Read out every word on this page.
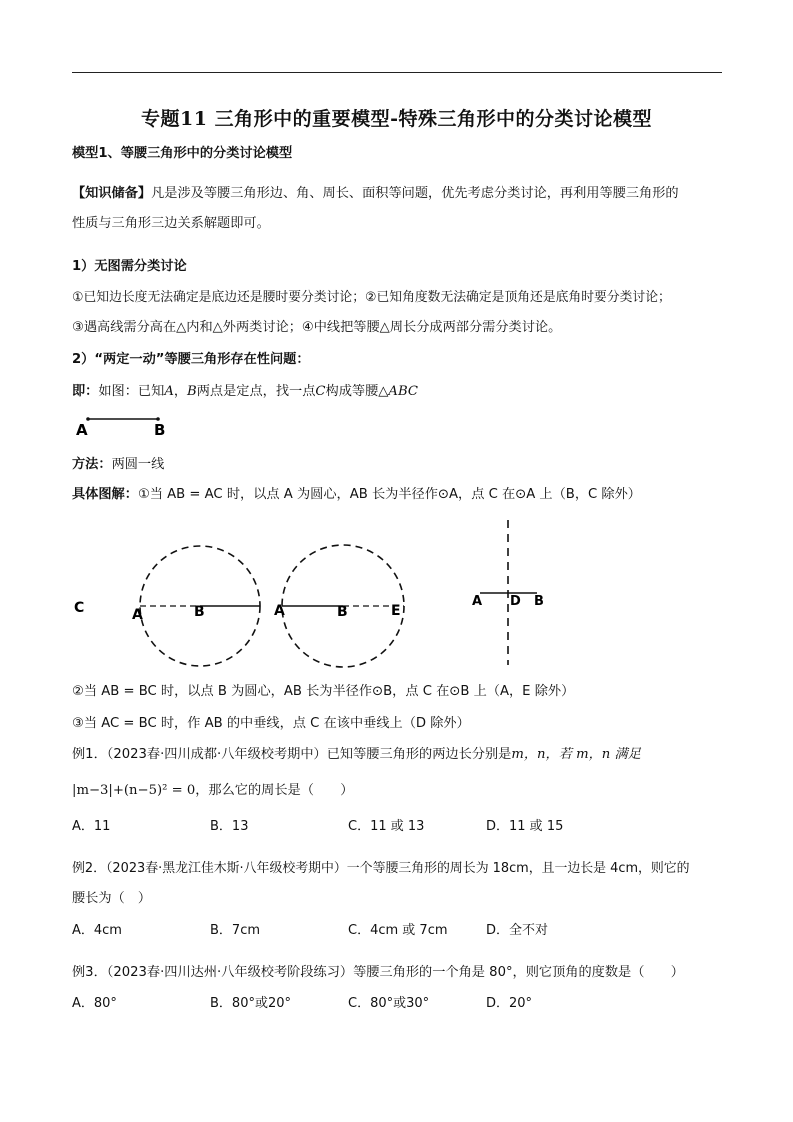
专题11 三角形中的重要模型-特殊三角形中的分类讨论模型
模型1、等腰三角形中的分类讨论模型
【知识储备】凡是涉及等腰三角形边、角、周长、面积等问题，优先考虑分类讨论，再利用等腰三角形的
性质与三角形三边关系解题即可。
1）无图需分类讨论
①已知边长度无法确定是底边还是腰时要分类讨论；②已知角度数无法确定是顶角还是底角时要分类讨论；
③遇高线需分高在△内和△外两类讨论；④中线把等腰△周长分成两部分需分类讨论。
2）“两定一动”等腰三角形存在性问题：
即：如图：已知A，B两点是定点，找一点C构成等腰△ABC
A	B
方法：两圆一线
具体图解：①当 AB = AC 时，以点 A 为圆心，AB 长为半径作⊙A，点 C 在⊙A 上（B，C 除外）
C	A	B	A	B	E
A D B
②当 AB = BC 时，以点 B 为圆心，AB 长为半径作⊙B，点 C 在⊙B 上（A，E 除外）
③当 AC = BC 时，作 AB 的中垂线，点 C 在该中垂线上（D 除外）
例1．（2023春·四川成都·八年级校考期中）已知等腰三角形的两边长分别是m，n，若 m，n 满足
|m−3|+(n−5)² = 0，那么它的周长是（　　）
A．11	B．13	C．11 或 13	D．11 或 15
例2．（2023春·黑龙江佳木斯·八年级校考期中）一个等腰三角形的周长为 18cm，且一边长是 4cm，则它的
腰长为（　）
A．4cm	B．7cm	C．4cm 或 7cm	D．全不对
例3．（2023春·四川达州·八年级校考阶段练习）等腰三角形的一个角是 80°，则它顶角的度数是（　　）
A．80°	B．80°或20°	C．80°或30°	D．20°
